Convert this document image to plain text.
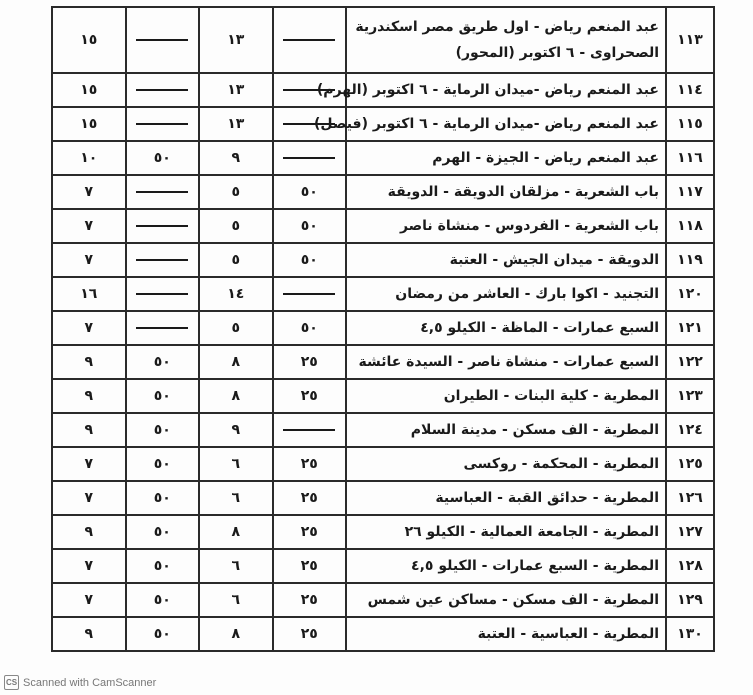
١١٣	عبد المنعم رياض - اول طريق مصر اسكندرية الصحراوى - ٦ اكتوبر (المحور)		١٣		١٥
١١٤	عبد المنعم رياض -ميدان الرماية - ٦ اكتوبر (الهرم)		١٣		١٥
١١٥	عبد المنعم رياض -ميدان الرماية - ٦ اكتوبر (فيصل)		١٣		١٥
١١٦	عبد المنعم رياض - الجيزة - الهرم		٩	٥٠	١٠
١١٧	باب الشعرية - مزلقان الدويقة - الدويقة	٥٠	٥		٧
١١٨	باب الشعرية - الفردوس - منشاة ناصر	٥٠	٥		٧
١١٩	الدويقة - ميدان الجيش - العتبة	٥٠	٥		٧
١٢٠	التجنيد - اكوا بارك - العاشر من رمضان		١٤		١٦
١٢١	السبع عمارات - الماظة - الكيلو ٤,٥	٥٠	٥		٧
١٢٢	السبع عمارات - منشاة ناصر - السيدة عائشة	٢٥	٨	٥٠	٩
١٢٣	المطرية - كلية البنات - الطيران	٢٥	٨	٥٠	٩
١٢٤	المطرية - الف مسكن - مدينة السلام		٩	٥٠	٩
١٢٥	المطرية - المحكمة - روكسى	٢٥	٦	٥٠	٧
١٢٦	المطرية - حدائق القبة - العباسية	٢٥	٦	٥٠	٧
١٢٧	المطرية - الجامعة العمالية - الكيلو ٢٦	٢٥	٨	٥٠	٩
١٢٨	المطرية - السبع عمارات - الكيلو ٤,٥	٢٥	٦	٥٠	٧
١٢٩	المطرية - الف مسكن - مساكن عين شمس	٢٥	٦	٥٠	٧
١٣٠	المطرية - العباسية - العتبة	٢٥	٨	٥٠	٩
CS Scanned with CamScanner
